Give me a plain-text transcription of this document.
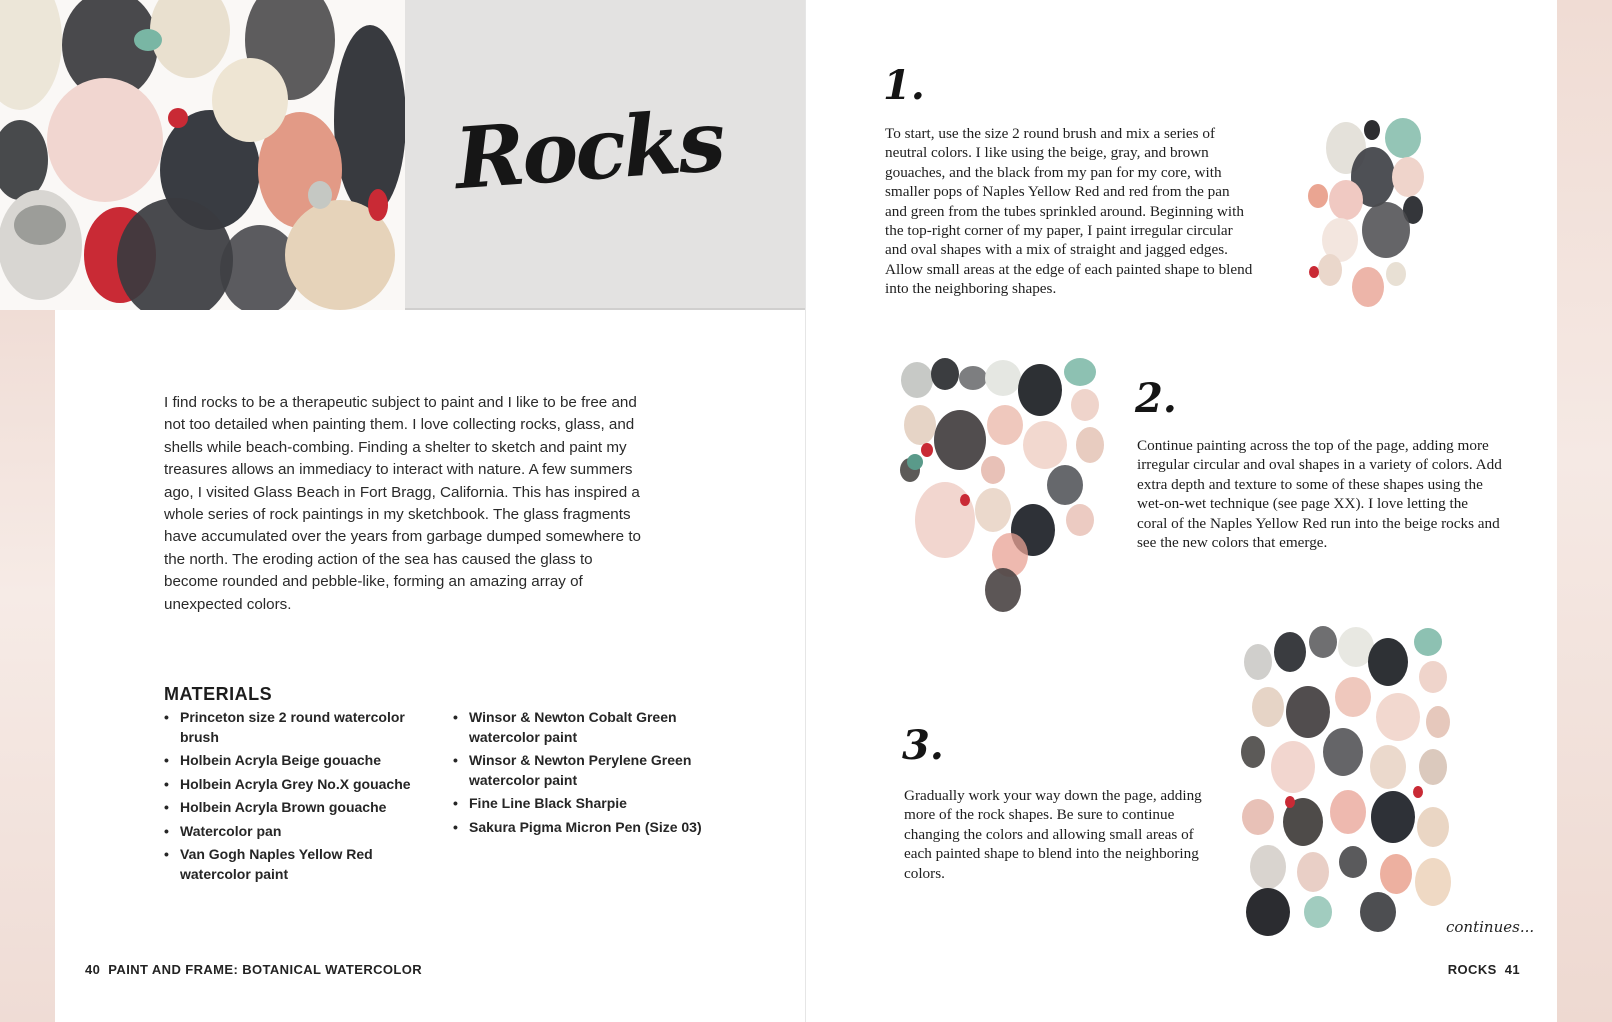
Rocks

I find rocks to be a therapeutic subject to paint and I like to be free and not too detailed when painting them. I love collecting rocks, glass, and shells while beach-combing. Finding a shelter to sketch and paint my treasures allows an immediacy to interact with nature. A few summers ago, I visited Glass Beach in Fort Bragg, California. This has inspired a whole series of rock paintings in my sketchbook. The glass fragments have accumulated over the years from garbage dumped somewhere to the north. The eroding action of the sea has caused the glass to become rounded and pebble-like, forming an amazing array of unexpected colors.

MATERIALS
• Princeton size 2 round watercolor brush
• Holbein Acryla Beige gouache
• Holbein Acryla Grey No.X gouache
• Holbein Acryla Brown gouache
• Watercolor pan
• Van Gogh Naples Yellow Red watercolor paint
• Winsor & Newton Cobalt Green watercolor paint
• Winsor & Newton Perylene Green watercolor paint
• Fine Line Black Sharpie
• Sakura Pigma Micron Pen (Size 03)
40 PAINT AND FRAME: BOTANICAL WATERCOLOR
1.

To start, use the size 2 round brush and mix a series of neutral colors. I like using the beige, gray, and brown gouaches, and the black from my pan for my core, with smaller pops of Naples Yellow Red and red from the pan and green from the tubes sprinkled around. Beginning with the top-right corner of my paper, I paint irregular circular and oval shapes with a mix of straight and jagged edges. Allow small areas at the edge of each painted shape to blend into the neighboring shapes.

2.

Continue painting across the top of the page, adding more irregular circular and oval shapes in a variety of colors. Add extra depth and texture to some of these shapes using the wet-on-wet technique (see page XX). I love letting the coral of the Naples Yellow Red run into the beige rocks and see the new colors that emerge.

3.

Gradually work your way down the page, adding more of the rock shapes. Be sure to continue changing the colors and allowing small areas of each painted shape to blend into the neighboring colors.

continues...
ROCKS 41
